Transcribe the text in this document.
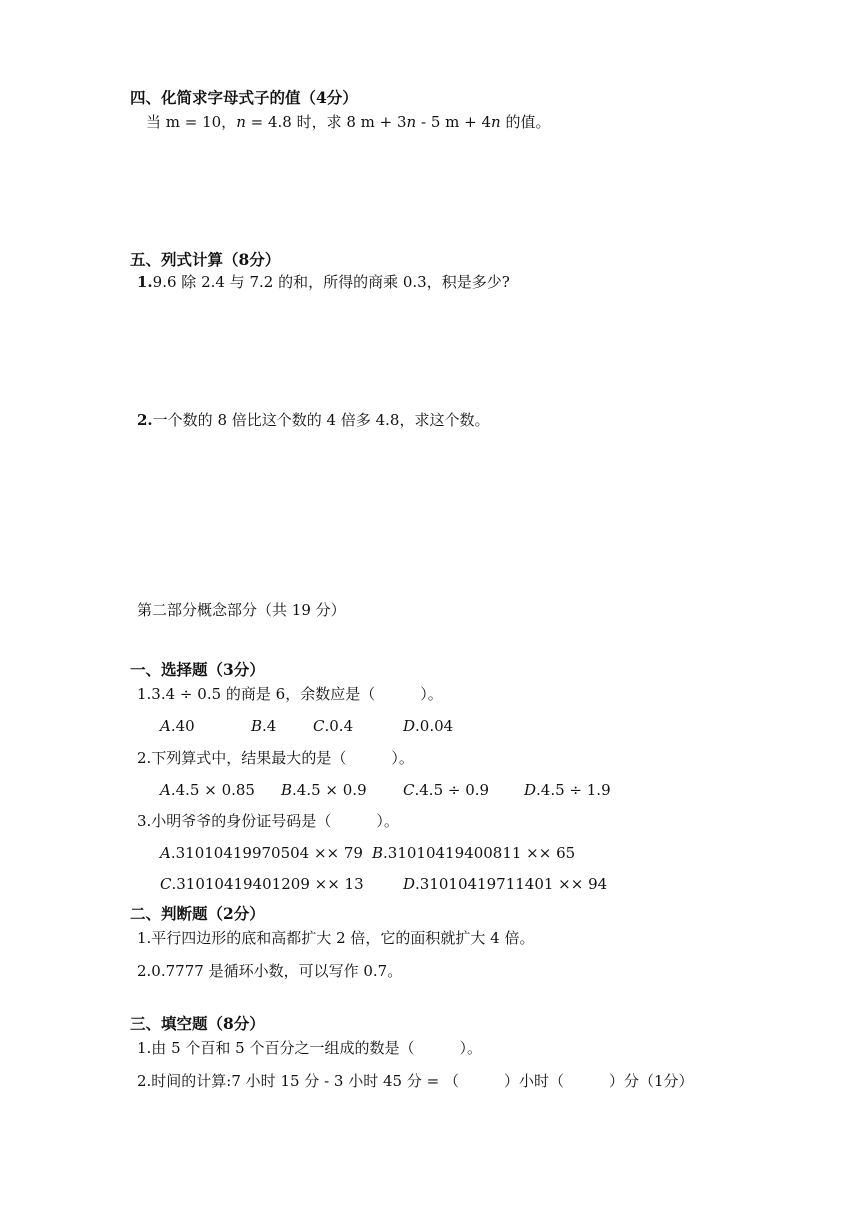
四、化简求字母式子的值（4分）
当 m = 10，n = 4.8 时，求 8 m + 3n - 5 m + 4n 的值。
五、列式计算（8分）
1.9.6 除 2.4 与 7.2 的和，所得的商乘 0.3，积是多少?
2.一个数的 8 倍比这个数的 4 倍多 4.8，求这个数。
第二部分概念部分（共 19 分）
一、选择题（3分）
1.3.4 ÷ 0.5 的商是 6，余数应是（　　　）。
A.40	B.4 C.0.4	D.0.04
2.下列算式中，结果最大的是（　　　）。
A.4.5 × 0.85 B.4.5 × 0.9 C.4.5 ÷ 0.9 D.4.5 ÷ 1.9
3.小明爷爷的身份证号码是（　　　）。
A.31010419970504 ×× 79 B.31010419400811 ×× 65
C.31010419401209 ×× 13	D.31010419711401 ×× 94
二、判断题（2分）
1.平行四边形的底和高都扩大 2 倍，它的面积就扩大 4 倍。
2.0.7777 是循环小数，可以写作 0.7。
三、填空题（8分）
1.由 5 个百和 5 个百分之一组成的数是（　　　）。
2.时间的计算:7 小时 15 分 - 3 小时 45 分 = （　　　）小时（　　　）分（1分）
